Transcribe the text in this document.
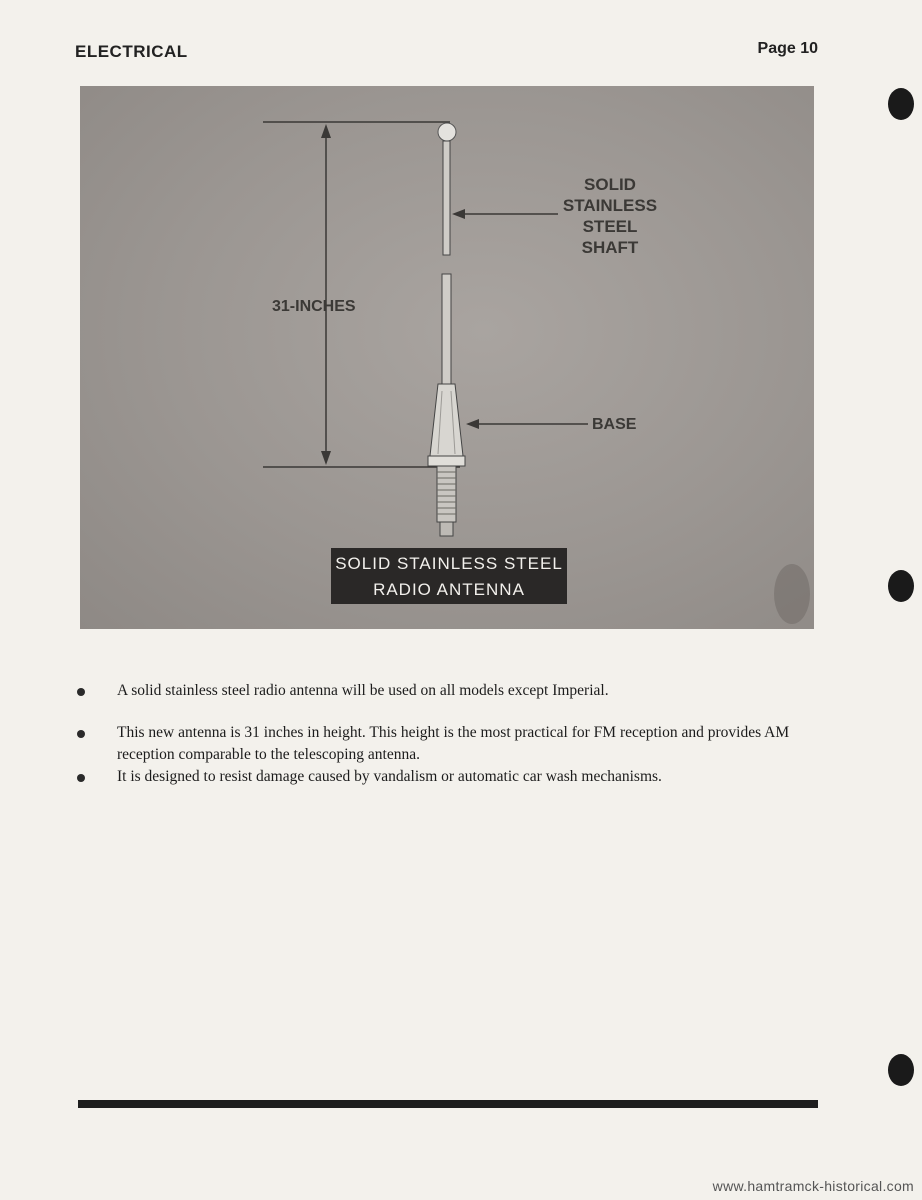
ELECTRICAL	Page 10
31-INCHES
SOLID
STAINLESS
STEEL
SHAFT
BASE
SOLID STAINLESS STEEL
RADIO ANTENNA
A solid stainless steel radio antenna will be used on all models except Imperial.
This new antenna is 31 inches in height. This height is the most practical for FM reception and provides AM reception comparable to the telescoping antenna.
It is designed to resist damage caused by vandalism or automatic car wash mechanisms.
www.hamtramck-historical.com
